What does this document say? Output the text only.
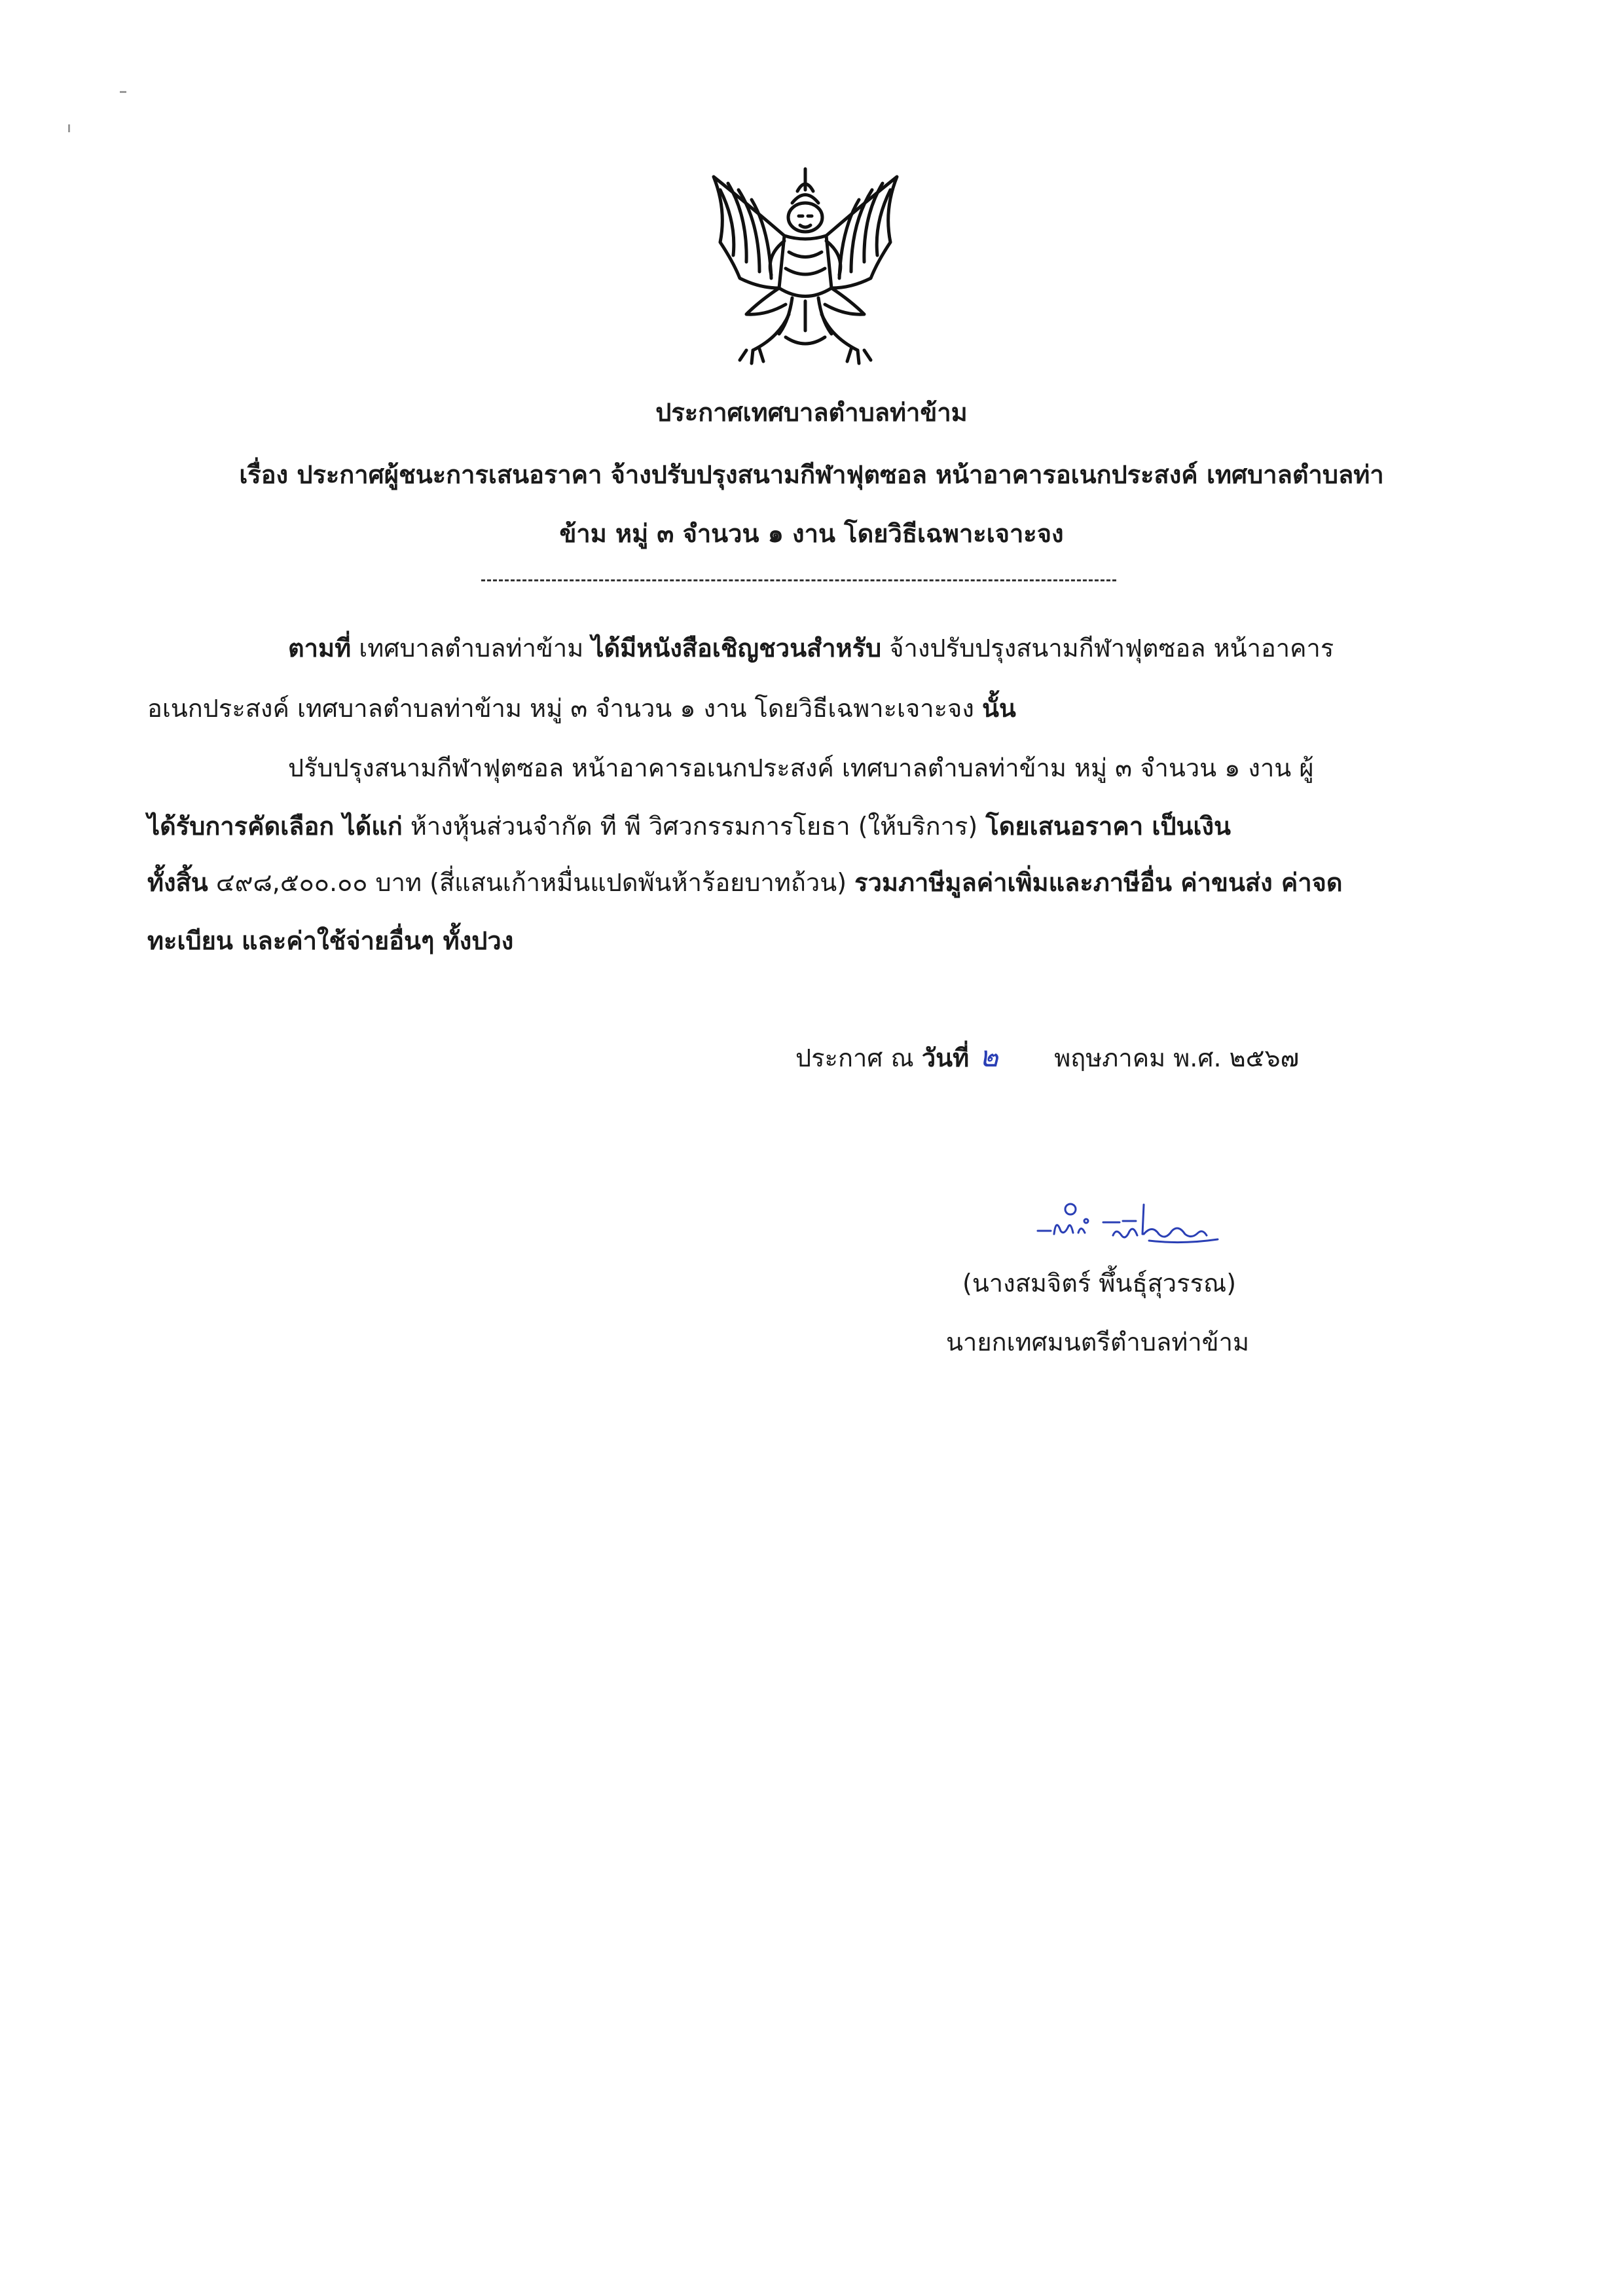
ประกาศเทศบาลตำบลท่าข้าม
เรื่อง ประกาศผู้ชนะการเสนอราคา จ้างปรับปรุงสนามกีฬาฟุตซอล หน้าอาคารอเนกประสงค์ เทศบาลตำบลท่า
ข้าม หมู่ ๓ จำนวน ๑ งาน โดยวิธีเฉพาะเจาะจง
ตามที่ เทศบาลตำบลท่าข้าม ได้มีหนังสือเชิญชวนสำหรับ จ้างปรับปรุงสนามกีฬาฟุตซอล หน้าอาคาร
อเนกประสงค์ เทศบาลตำบลท่าข้าม หมู่ ๓ จำนวน ๑ งาน โดยวิธีเฉพาะเจาะจง นั้น
ปรับปรุงสนามกีฬาฟุตซอล หน้าอาคารอเนกประสงค์ เทศบาลตำบลท่าข้าม หมู่ ๓ จำนวน ๑ งาน ผู้
ได้รับการคัดเลือก ได้แก่ ห้างหุ้นส่วนจำกัด ที พี วิศวกรรมการโยธา (ให้บริการ) โดยเสนอราคา เป็นเงิน
ทั้งสิ้น ๔๙๘,๕๐๐.๐๐ บาท (สี่แสนเก้าหมื่นแปดพันห้าร้อยบาทถ้วน) รวมภาษีมูลค่าเพิ่มและภาษีอื่น ค่าขนส่ง ค่าจด
ทะเบียน และค่าใช้จ่ายอื่นๆ ทั้งปวง
ประกาศ ณ วันที่ ๒ พฤษภาคม พ.ศ. ๒๕๖๗
(นางสมจิตร์ พึ้นธุ์สุวรรณ)
นายกเทศมนตรีตำบลท่าข้าม
